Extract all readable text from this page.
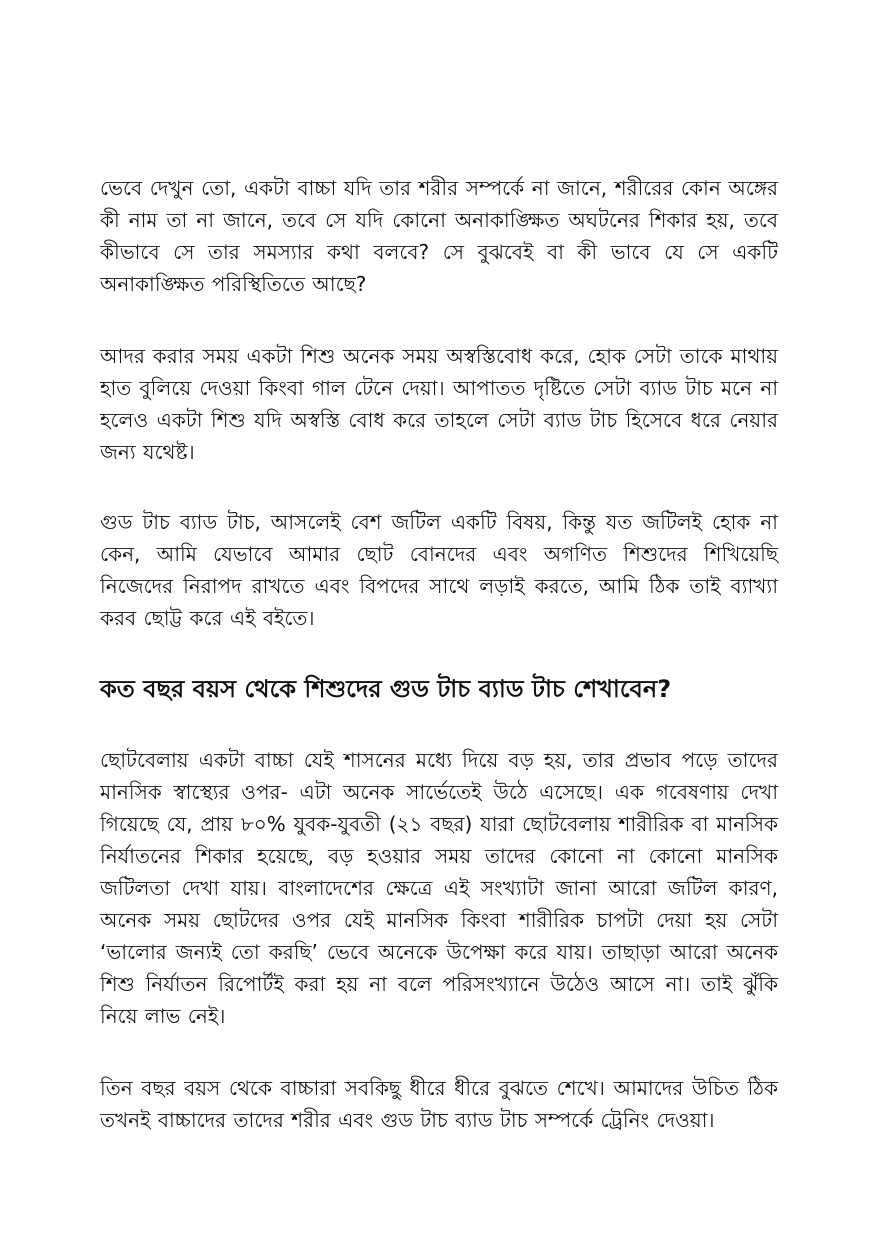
ভেবে দেখুন তো, একটা বাচ্চা যদি তার শরীর সম্পর্কে না জানে, শরীরের কোন অঙ্গের কী নাম তা না জানে, তবে সে যদি কোনো অনাকাঙ্ক্ষিত অঘটনের শিকার হয়, তবে কীভাবে সে তার সমস্যার কথা বলবে? সে বুঝবেই বা কী ভাবে যে সে একটি অনাকাঙ্ক্ষিত পরিস্থিতিতে আছে?

আদর করার সময় একটা শিশু অনেক সময় অস্বস্তিবোধ করে, হোক সেটা তাকে মাথায় হাত বুলিয়ে দেওয়া কিংবা গাল টেনে দেয়া। আপাতত দৃষ্টিতে সেটা ব্যাড টাচ মনে না হলেও একটা শিশু যদি অস্বস্তি বোধ করে তাহলে সেটা ব্যাড টাচ হিসেবে ধরে নেয়ার জন্য যথেষ্ট।

গুড টাচ ব্যাড টাচ, আসলেই বেশ জটিল একটি বিষয়, কিন্তু যত জটিলই হোক না কেন, আমি যেভাবে আমার ছোট বোনদের এবং অগণিত শিশুদের শিখিয়েছি নিজেদের নিরাপদ রাখতে এবং বিপদের সাথে লড়াই করতে, আমি ঠিক তাই ব্যাখ্যা করব ছোট্ট করে এই বইতে।

কত বছর বয়স থেকে শিশুদের গুড টাচ ব্যাড টাচ শেখাবেন?

ছোটবেলায় একটা বাচ্চা যেই শাসনের মধ্যে দিয়ে বড় হয়, তার প্রভাব পড়ে তাদের মানসিক স্বাস্থ্যের ওপর- এটা অনেক সার্ভেতেই উঠে এসেছে। এক গবেষণায় দেখা গিয়েছে যে, প্রায় ৮০% যুবক-যুবতী (২১ বছর) যারা ছোটবেলায় শারীরিক বা মানসিক নির্যাতনের শিকার হয়েছে, বড় হওয়ার সময় তাদের কোনো না কোনো মানসিক জটিলতা দেখা যায়। বাংলাদেশের ক্ষেত্রে এই সংখ্যাটা জানা আরো জটিল কারণ, অনেক সময় ছোটদের ওপর যেই মানসিক কিংবা শারীরিক চাপটা দেয়া হয় সেটা ‘ভালোর জন্যই তো করছি’ ভেবে অনেকে উপেক্ষা করে যায়। তাছাড়া আরো অনেক শিশু নির্যাতন রিপোর্টই করা হয় না বলে পরিসংখ্যানে উঠেও আসে না। তাই ঝুঁকি নিয়ে লাভ নেই।

তিন বছর বয়স থেকে বাচ্চারা সবকিছু ধীরে ধীরে বুঝতে শেখে। আমাদের উচিত ঠিক তখনই বাচ্চাদের তাদের শরীর এবং গুড টাচ ব্যাড টাচ সম্পর্কে ট্রেনিং দেওয়া।
